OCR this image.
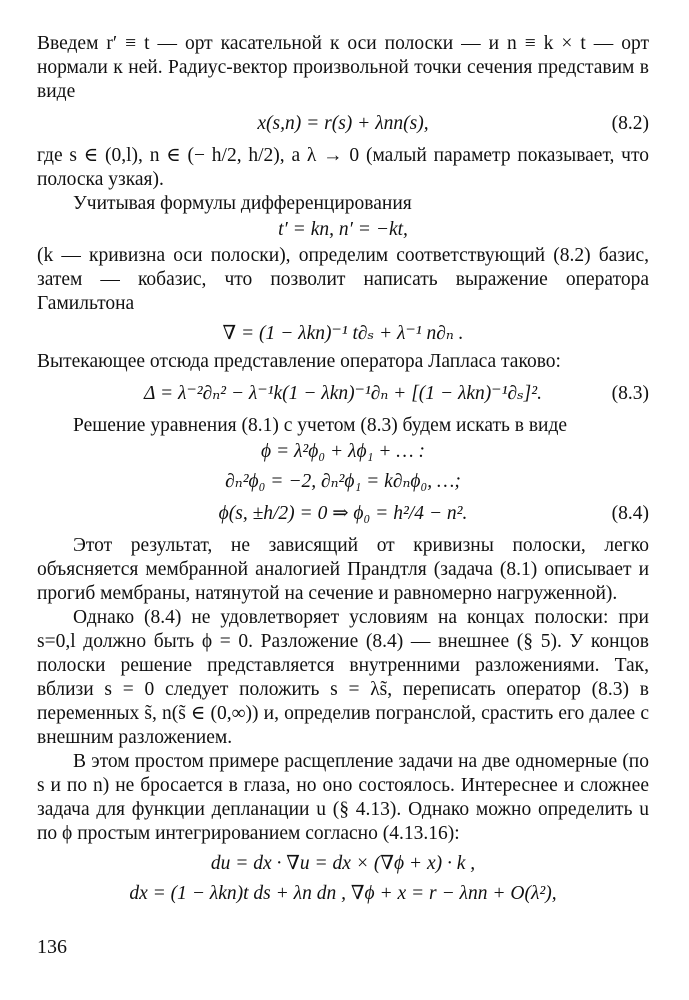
Введем r′ ≡ t — орт касательной к оси полоски — и n ≡ k × t — орт нормали к ней. Радиус-вектор произвольной точки сечения представим в виде

x(s,n) = r(s) + λnn(s),	(8.2)

где s ∈ (0,l), n ∈ (− h/2, h/2), а λ → 0 (малый параметр показывает, что полоска узкая).

Учитывая формулы дифференцирования

t′ = kn, n′ = −kt,

(k — кривизна оси полоски), определим соответствующий (8.2) базис, затем — кобазис, что позволит написать выражение оператора Гамильтона

∇ = (1 − λkn)⁻¹ t∂ₛ + λ⁻¹ n∂ₙ .

Вытекающее отсюда представление оператора Лапласа таково:

Δ = λ⁻²∂ₙ² − λ⁻¹k(1 − λkn)⁻¹∂ₙ + [(1 − λkn)⁻¹∂ₛ]².	(8.3)

Решение уравнения (8.1) с учетом (8.3) будем искать в виде

ϕ = λ²ϕ₀ + λϕ₁ + … :
∂ₙ²ϕ₀ = −2, ∂ₙ²ϕ₁ = k∂ₙϕ₀, …;
ϕ(s, ±h/2) = 0 ⇒ ϕ₀ = h²/4 − n².	(8.4)

Этот результат, не зависящий от кривизны полоски, легко объясняется мембранной аналогией Прандтля (задача (8.1) описывает и прогиб мембраны, натянутой на сечение и равномерно нагруженной).

Однако (8.4) не удовлетворяет условиям на концах полоски: при s=0,l должно быть ϕ = 0. Разложение (8.4) — внешнее (§ 5). У концов полоски решение представляется внутренними разложениями. Так, вблизи s = 0 следует положить s = λs̃, переписать оператор (8.3) в переменных s̃, n(s̃ ∈ (0,∞)) и, определив погранслой, срастить его далее с внешним разложением.

В этом простом примере расщепление задачи на две одномерные (по s и по n) не бросается в глаза, но оно состоялось. Интереснее и сложнее задача для функции депланации u (§ 4.13). Однако можно определить u по ϕ простым интегрированием согласно (4.13.16):

du = dx · ∇u = dx × (∇ϕ + x) · k ,
dx = (1 − λkn)t ds + λn dn , ∇ϕ + x = r − λnn + O(λ²),
136
